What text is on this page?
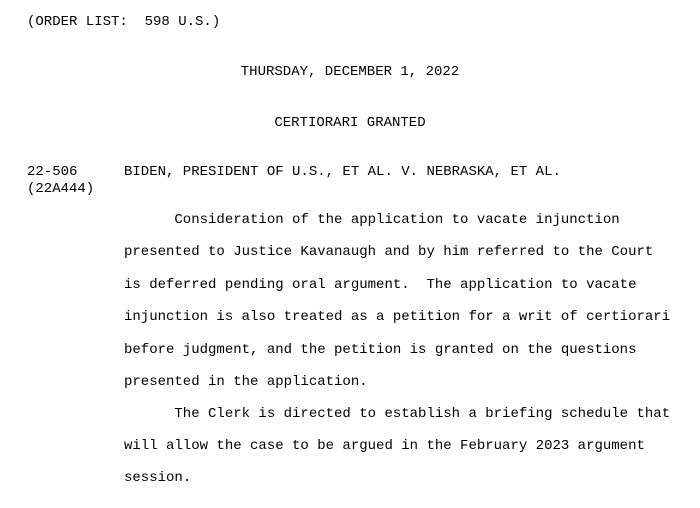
(ORDER LIST:  598 U.S.)
THURSDAY, DECEMBER 1, 2022
CERTIORARI GRANTED
22-506
(22A444)
BIDEN, PRESIDENT OF U.S., ET AL. V. NEBRASKA, ET AL.
Consideration of the application to vacate injunction
presented to Justice Kavanaugh and by him referred to the Court
is deferred pending oral argument.  The application to vacate
injunction is also treated as a petition for a writ of certiorari
before judgment, and the petition is granted on the questions
presented in the application.
The Clerk is directed to establish a briefing schedule that
will allow the case to be argued in the February 2023 argument
session.
